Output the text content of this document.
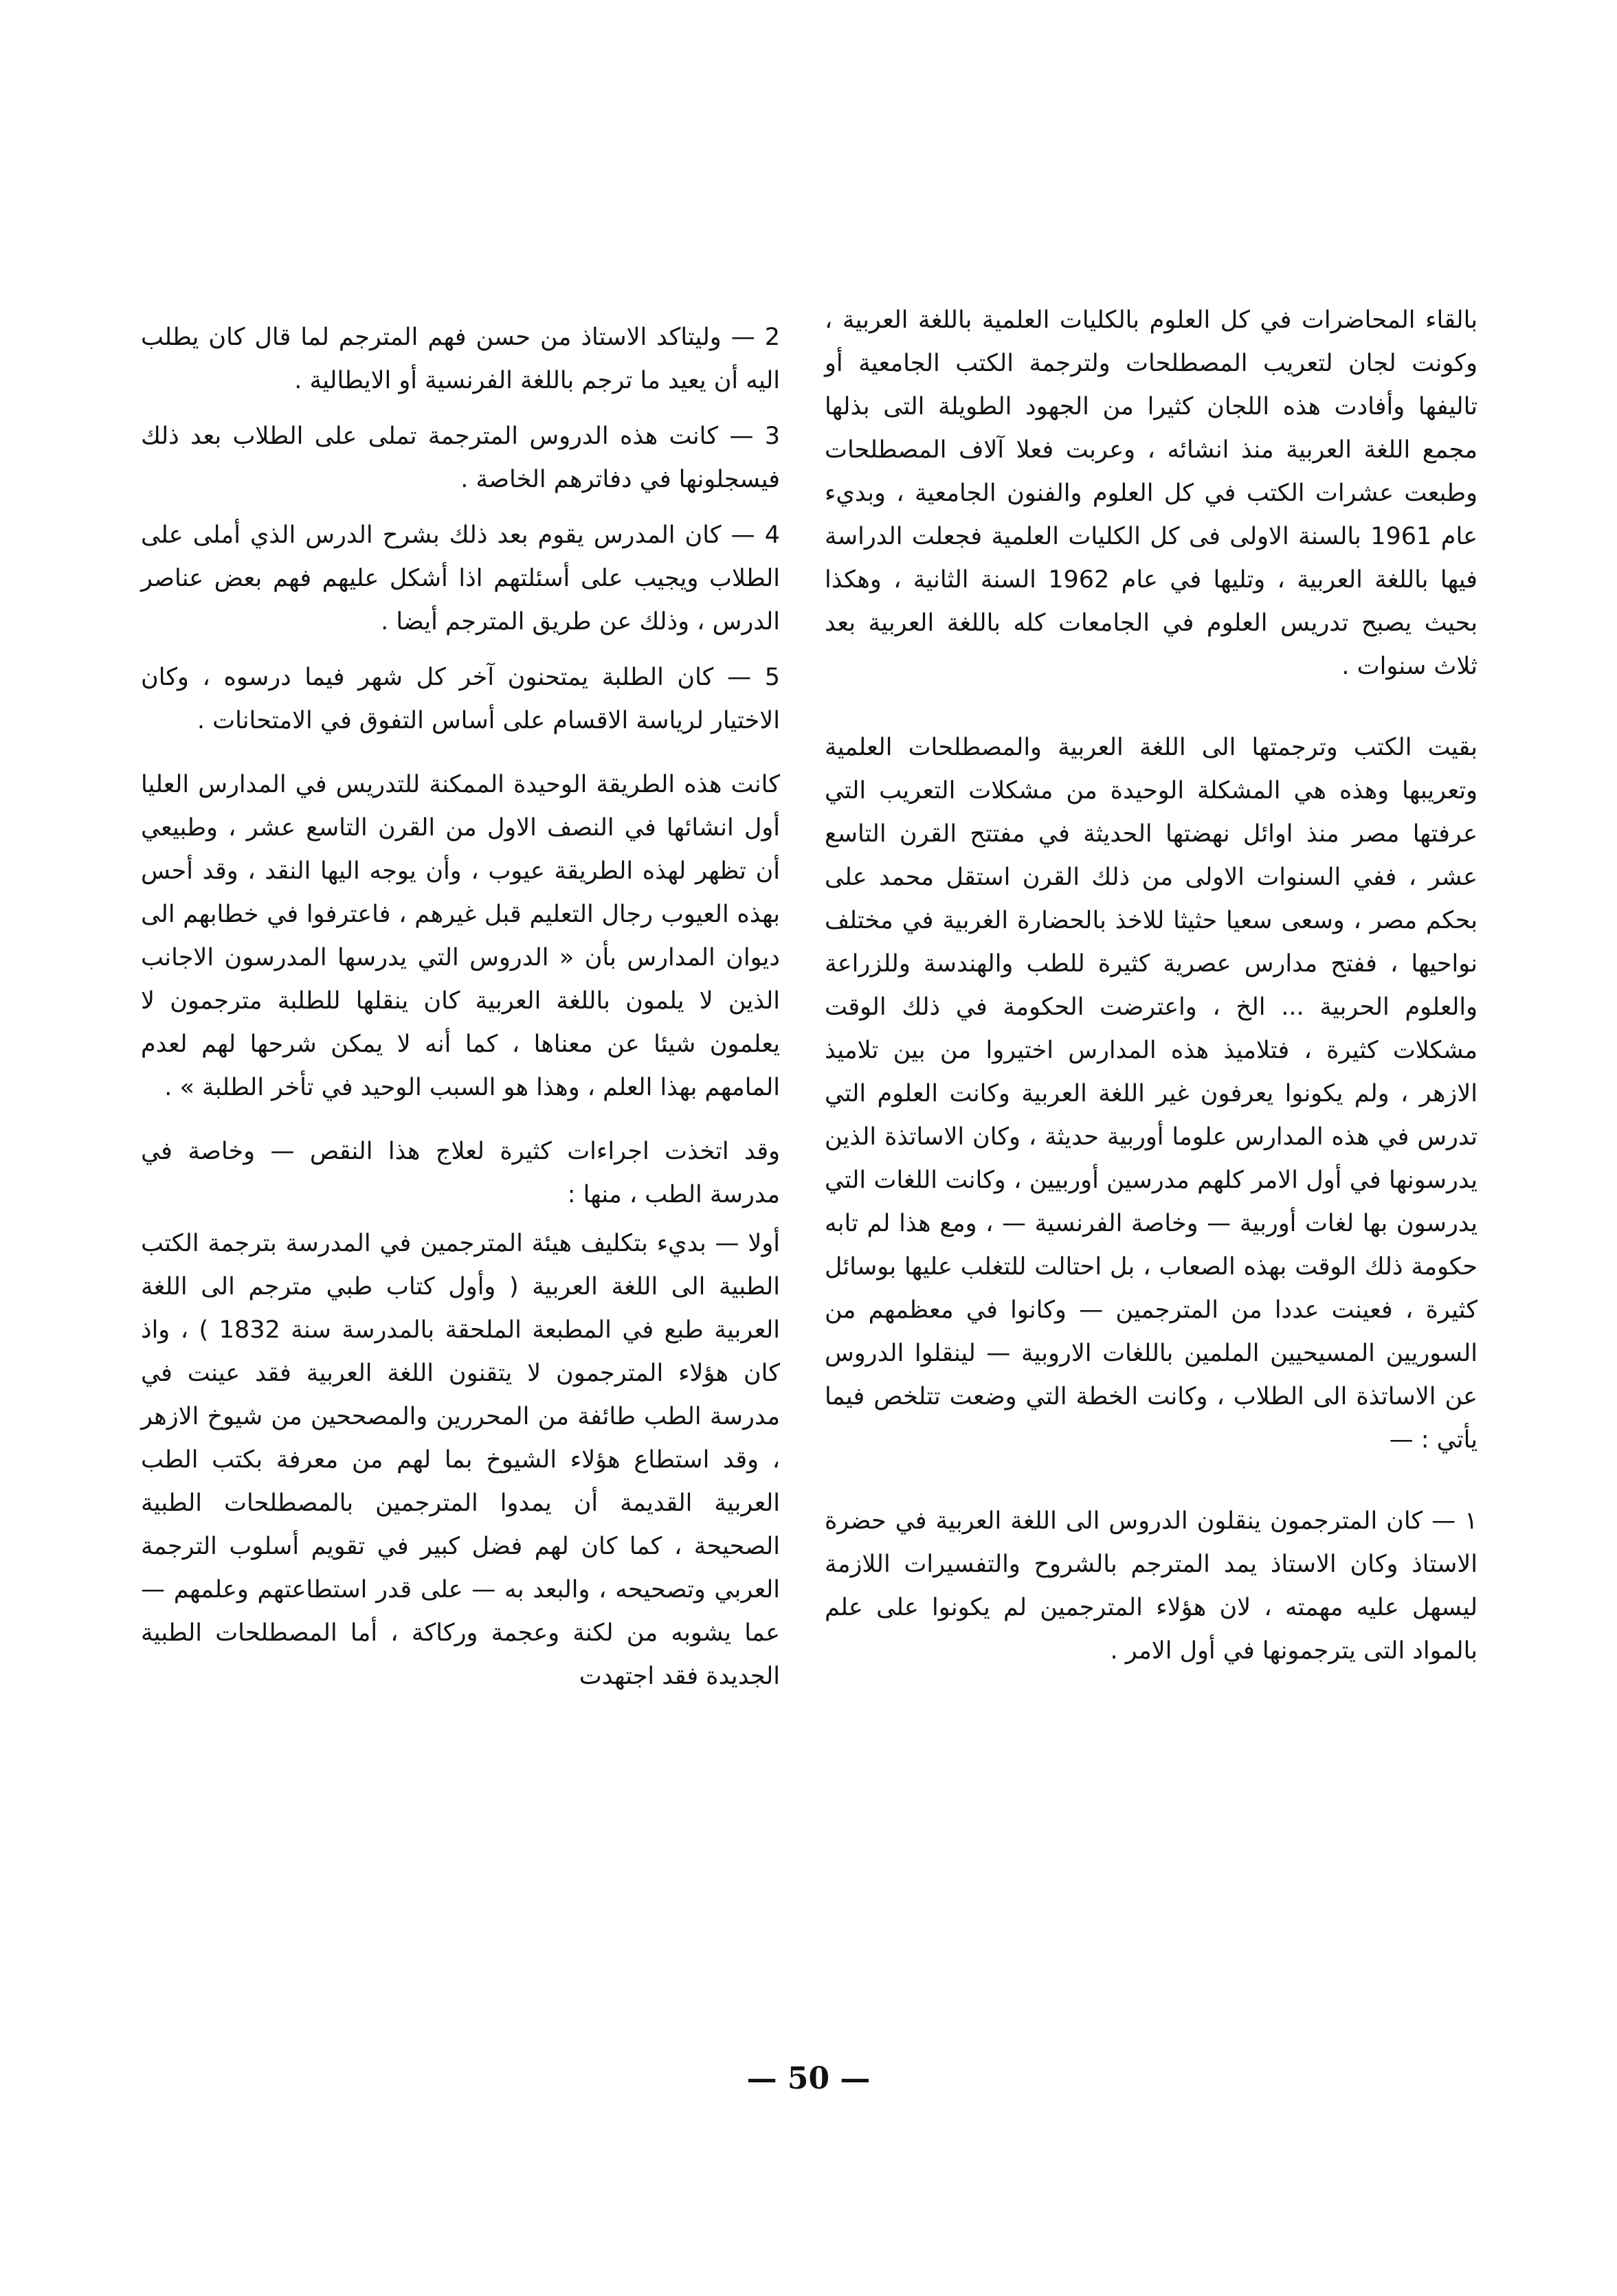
بالقاء المحاضرات في كل العلوم بالكليات العلمية باللغة العربية ، وكونت لجان لتعريب المصطلحات ولترجمة الكتب الجامعية أو تاليفها وأفادت هذه اللجان كثيرا من الجهود الطويلة التى بذلها مجمع اللغة العربية منذ انشائه ، وعربت فعلا آلاف المصطلحات وطبعت عشرات الكتب في كل العلوم والفنون الجامعية ، وبديء عام 1961 بالسنة الاولى فى كل الكليات العلمية فجعلت الدراسة فيها باللغة العربية ، وتليها في عام 1962 السنة الثانية ، وهكذا بحيث يصبح تدريس العلوم في الجامعات كله باللغة العربية بعد ثلاث سنوات .

بقيت الكتب وترجمتها الى اللغة العربية والمصطلحات العلمية وتعريبها وهذه هي المشكلة الوحيدة من مشكلات التعريب التي عرفتها مصر منذ اوائل نهضتها الحديثة في مفتتح القرن التاسع عشر ، ففي السنوات الاولى من ذلك القرن استقل محمد على بحكم مصر ، وسعى سعيا حثيثا للاخذ بالحضارة الغربية في مختلف نواحيها ، ففتح مدارس عصرية كثيرة للطب والهندسة وللزراعة والعلوم الحربية ... الخ ، واعترضت الحكومة في ذلك الوقت مشكلات كثيرة ، فتلاميذ هذه المدارس اختيروا من بين تلاميذ الازهر ، ولم يكونوا يعرفون غير اللغة العربية وكانت العلوم التي تدرس في هذه المدارس علوما أوربية حديثة ، وكان الاساتذة الذين يدرسونها في أول الامر كلهم مدرسين أوربيين ، وكانت اللغات التي يدرسون بها لغات أوربية — وخاصة الفرنسية — ، ومع هذا لم تابه حكومة ذلك الوقت بهذه الصعاب ، بل احتالت للتغلب عليها بوسائل كثيرة ، فعينت عددا من المترجمين — وكانوا في معظمهم من السوريين المسيحيين الملمين باللغات الاروبية — لينقلوا الدروس عن الاساتذة الى الطلاب ، وكانت الخطة التي وضعت تتلخص فيما يأتي : —

١ — كان المترجمون ينقلون الدروس الى اللغة العربية في حضرة الاستاذ وكان الاستاذ يمد المترجم بالشروح والتفسيرات اللازمة ليسهل عليه مهمته ، لان هؤلاء المترجمين لم يكونوا على علم بالمواد التى يترجمونها في أول الامر .

2 — وليتاكد الاستاذ من حسن فهم المترجم لما قال كان يطلب اليه أن يعيد ما ترجم باللغة الفرنسية أو الايطالية .

3 — كانت هذه الدروس المترجمة تملى على الطلاب بعد ذلك فيسجلونها في دفاترهم الخاصة .

4 — كان المدرس يقوم بعد ذلك بشرح الدرس الذي أملى على الطلاب ويجيب على أسئلتهم اذا أشكل عليهم فهم بعض عناصر الدرس ، وذلك عن طريق المترجم أيضا .

5 — كان الطلبة يمتحنون آخر كل شهر فيما درسوه ، وكان الاختيار لرياسة الاقسام على أساس التفوق في الامتحانات .

كانت هذه الطريقة الوحيدة الممكنة للتدريس في المدارس العليا أول انشائها في النصف الاول من القرن التاسع عشر ، وطبيعي أن تظهر لهذه الطريقة عيوب ، وأن يوجه اليها النقد ، وقد أحس بهذه العيوب رجال التعليم قبل غيرهم ، فاعترفوا في خطابهم الى ديوان المدارس بأن « الدروس التي يدرسها المدرسون الاجانب الذين لا يلمون باللغة العربية كان ينقلها للطلبة مترجمون لا يعلمون شيئا عن معناها ، كما أنه لا يمكن شرحها لهم لعدم المامهم بهذا العلم ، وهذا هو السبب الوحيد في تأخر الطلبة » .

وقد اتخذت اجراءات كثيرة لعلاج هذا النقص — وخاصة في مدرسة الطب ، منها :

أولا — بديء بتكليف هيئة المترجمين في المدرسة بترجمة الكتب الطبية الى اللغة العربية ( وأول كتاب طبي مترجم الى اللغة العربية طبع في المطبعة الملحقة بالمدرسة سنة 1832 ) ، واذ كان هؤلاء المترجمون لا يتقنون اللغة العربية فقد عينت في مدرسة الطب طائفة من المحررين والمصححين من شيوخ الازهر ، وقد استطاع هؤلاء الشيوخ بما لهم من معرفة بكتب الطب العربية القديمة أن يمدوا المترجمين بالمصطلحات الطبية الصحيحة ، كما كان لهم فضل كبير في تقويم أسلوب الترجمة العربي وتصحيحه ، والبعد به — على قدر استطاعتهم وعلمهم — عما يشوبه من لكنة وعجمة وركاكة ، أما المصطلحات الطبية الجديدة فقد اجتهدت

— 50 —
